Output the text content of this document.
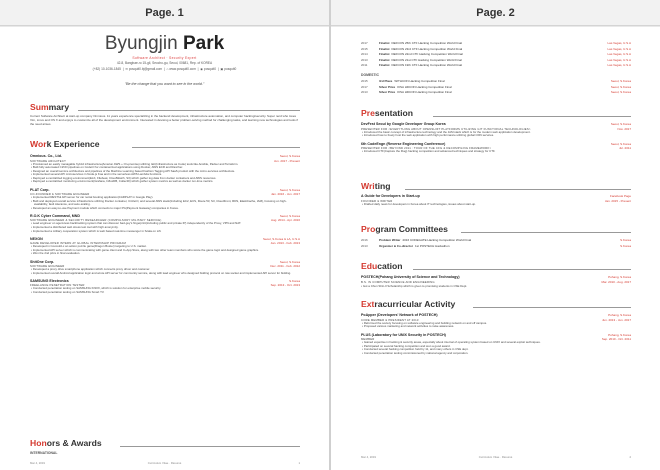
Page. 1	Page. 2
Byungjin Park
Software Architect · Security Expert
42-8, Bangbae-ro 15-gil, Seocho-gu, Seoul, 00681, Rep. of KOREA
(+82) 10-1036-1845  |  ✉ posquit0.bj@gmail.com  |  ⌂ www.posquit0.com  |  ◉ posquit0  |  ▣ posquit0
"Be the change that you want to see in the world."
Summary
Current Software Architect at start-up company Omnious. 11 years experience specializing in the backend development, infrastructure automation, and computer hacking/security. Super nerd who loves Vim, Linux and OS X and enjoys to customize all of the development environment. Interested in devising a better problem-solving method for challenging tasks, and learning new technologies and tools if the need arises.
Work Experience
Omnious. Co., Ltd.	Seoul, S.Korea
SOFTWARE ARCHITECT	Jun. 2017 - Present
• Provisioned an easily managable hybrid infrastructure(Amazon AWS + On-premise) utilizing IaC(Infrastructure as Code) tools like Ansible, Packer and Terraform.
• Built fully automated CI/CD pipelines on CodeCI for containerized applications using Docker, AWS ECR and Rancher.
• Designed an overall service architecture and pipelines of the Machine Learning based Fashion Tagging API SaaS product with the micro-services architecture.
• Implemented several API microservices in Node.js Koa and in the serverless AWS Lambda functions.
• Deployed a centralized logging environment(ELK, Filebeat, CloudWatch, S3) which gather log data from docker containers and AWS resources.
• Deployed a centralized monitoring environment(Grafana, InfluxDB, CollectD) which gather system metrics as well as docker run-time metrics.
PLAT Corp.	Seoul, S.Korea
CO-FOUNDER & SOFTWARE ENGINEER	Jan. 2016 - Jun. 2017
• Implemented RESTful API server for car rental booking application(CARPLAT in Google Play).
• Built and deployed overall service infrastructure utilizing Docker container, CircleCI, and several AWS stack(Including EC2, ECS, Route 53, S3, CloudFront, RDS, ElastiCache, IAM), focusing on high-availability, fault tolerance, and auto-scaling.
• Developed an easy-to-use Payment module which connects to major PG(Payment Gateway) companies in Korea.
R.O.K Cyber Command, MND	Seoul, S.Korea
SOFTWARE ENGINEER & SECURITY RESEARCHER (COMPULSORY MILITARY SERVICE)	Aug. 2014 - Apr. 2016
• Lead engineer on agent-less backtracking system that can discover bad-guy's fingerprint(including public and private IP) independently of the Proxy, VPN and NAT.
• Implemented a distributed web stress test tool with high anonymity.
• Implemented a military cooperation system which is web based real-time messenger in Scala on Lift.
NEXON	Seoul, S.Korea & LA, U.S.A
GAME DEVELOPER INTERN AT GLOBAL INTERNSHIP PROGRAM	Jan. 2013 - Feb. 2013
• Developed in Cocos2d-x an action puzzle game(Dragon Buster) targeting to U.S. market.
• Implemented API server which is communicating with game client and In-App Store, along with two other team members who wrote the game logic and designed game graphics.
• Won the 2nd prize in final evaluation.
ShitOne Corp.	Seoul, S.Korea
SOFTWARE ENGINEER	Dec. 2011 - Feb. 2012
• Developed a proxy drive smartphone application which connects proxy driver and customer.
• Implemented overall Android application logic and wrote API server for community service, along with lead engineer who designed bidding protocol on raw socket and implemented API server for bidding.
SAMSUNG Electronics	S.Korea
FREELANCE PENETRATION TESTER	Sep. 2013 - Oct. 2013
• Conducted penetration testing on SAMSUNG KNOX, which is solution for enterprise mobile security.
• Conducted penetration testing on SAMSUNG Smart TV.
Honors & Awards
INTERNATIONAL
Mar 4, 2019	Curriculum Vitae · Résumé	1
2017	Finalist DEFCON 25th CTF Hacking Competition World Final	Las Vegas, U.S.A
2015	Finalist DEFCON 23rd CTF Hacking Competition World Final	Las Vegas, U.S.A
2014	Finalist DEFCON 22nd CTF Hacking Competition World Final	Las Vegas, U.S.A
2013	Finalist DEFCON 21st CTF Hacking Competition World Final	Las Vegas, U.S.A
2011	Finalist DEFCON 19th CTF Hacking Competition World Final	Las Vegas, U.S.A
DOMESTIC
2015	3rd Place WITHCON Hacking Competition Final	Seoul, S.Korea
2017	Silver Prize KISA HDCON Hacking Competition Final	Seoul, S.Korea
2013	Silver Prize KISA HDCON Hacking Competition Final	Seoul, S.Korea
Presentation
DevFest Seoul by Google Developer Group Korea	Seoul, S.Korea
PRESENTER FOR <EVERYTHING ABOUT OPENSHIFT PLATFORMS UTILIZING GIT FUNCTIONAL TECHNOLOGIES>	Nov. 2017
• Introduced the basic concept of infrastructure technology and the JAM stack which is for the modern web application development.
• Introduced how to freely host the web application with high performance utilizing global CDN services.
6th CodeEngn (Reverse Engineering Conference)	Seoul, S.Korea
PRESENTER FOR <BEYOND 2011 : TOUR OF THE CFG & DECOMPILING FRAMEWORK>	Jul. 2011
• Introduced CTF(Capture the Flag) hacking competition and advanced techniques and strategy for CTF.
Writing
A Guide for Developers in Start-up	Facebook Page
FOUNDER & WRITER	Jan. 2015 - Present
• Drafted daily news for developers in Korea about IT technologies, issues about start-up.
Program Committees
2016	Problem Writer 2016 CODEGATE Hacking Competition World Final	S.Korea
2013	Organizer & Co-director 1st POSTECH Hackathon	S.Korea
Education
POSTECH(Pohang University of Science and Technology)	Pohang, S.Korea
B.S. IN COMPUTER SCIENCE AND ENGINEERING	Mar. 2010 - Aug. 2017
• Got a Chun Shin-Il Scholarship which is given to promising students in CSE Dept.
Extracurricular Activity
PoApper (Developers' Network of POSTECH)	Pohang, S.Korea
CORE MEMBER & PRESIDENT AT 2013	Jun. 2013 - Jun. 2017
• Reformed the society focusing on software engineering and building network on and off campus.
• Proposed various marketing and network activities to raise awareness.
PLUS (Laboratory for UNIX Security in POSTECH)	Pohang, S.Korea
MEMBER	Sep. 2010 - Oct. 2011
• Gained expertise in hacking & security areas, especially about internal of operating system based on UNIX and several exploit techniques.
• Participated on several hacking competition and won a good award.
• Conducted several hacking competition held by 11, and many others in CSE dept.
• Conducted penetration testing commissioned by national agency and corporation.
Mar 4, 2019	Curriculum Vitae · Résumé	2
